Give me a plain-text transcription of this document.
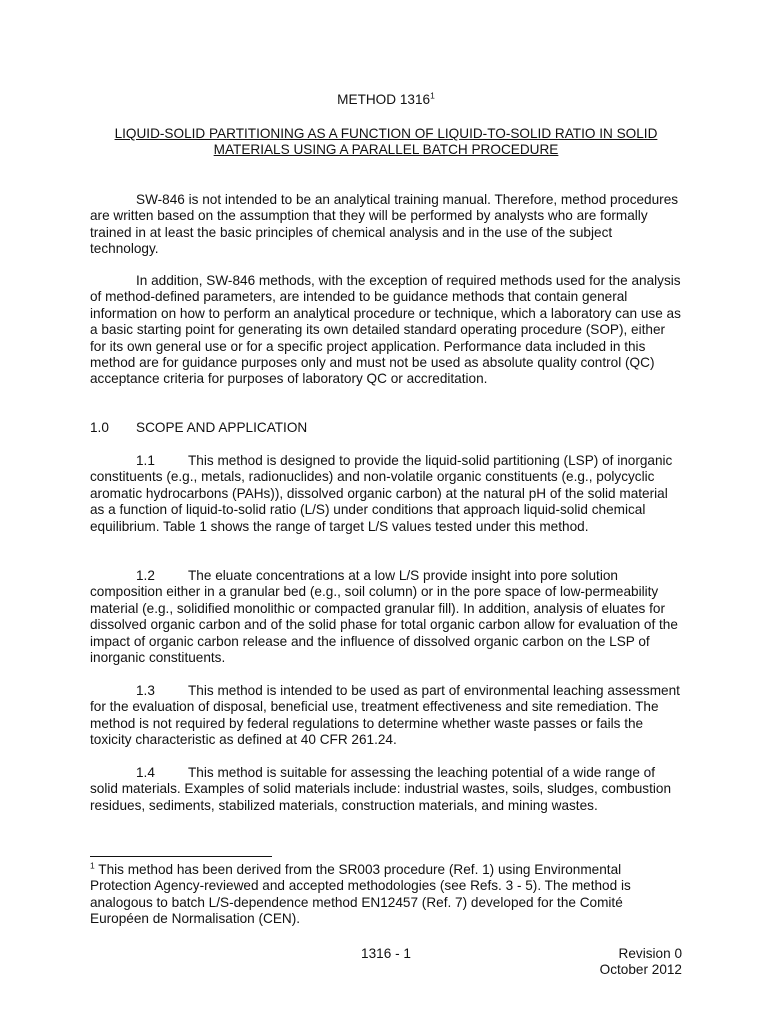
METHOD 1316$^1$
LIQUID-SOLID PARTITIONING AS A FUNCTION OF LIQUID-TO-SOLID RATIO IN SOLID
MATERIALS USING A PARALLEL BATCH PROCEDURE

SW-846 is not intended to be an analytical training manual. Therefore, method procedures are written based on the assumption that they will be performed by analysts who are formally trained in at least the basic principles of chemical analysis and in the use of the subject technology.

In addition, SW-846 methods, with the exception of required methods used for the analysis of method-defined parameters, are intended to be guidance methods that contain general information on how to perform an analytical procedure or technique, which a laboratory can use as a basic starting point for generating its own detailed standard operating procedure (SOP), either for its own general use or for a specific project application. Performance data included in this method are for guidance purposes only and must not be used as absolute quality control (QC) acceptance criteria for purposes of laboratory QC or accreditation.

1.0 SCOPE AND APPLICATION

1.1 This method is designed to provide the liquid-solid partitioning (LSP) of inorganic constituents (e.g., metals, radionuclides) and non-volatile organic constituents (e.g., polycyclic aromatic hydrocarbons (PAHs)), dissolved organic carbon) at the natural pH of the solid material as a function of liquid-to-solid ratio (L/S) under conditions that approach liquid-solid chemical equilibrium. Table 1 shows the range of target L/S values tested under this method.

1.2 The eluate concentrations at a low L/S provide insight into pore solution composition either in a granular bed (e.g., soil column) or in the pore space of low-permeability material (e.g., solidified monolithic or compacted granular fill). In addition, analysis of eluates for dissolved organic carbon and of the solid phase for total organic carbon allow for evaluation of the impact of organic carbon release and the influence of dissolved organic carbon on the LSP of inorganic constituents.

1.3 This method is intended to be used as part of environmental leaching assessment for the evaluation of disposal, beneficial use, treatment effectiveness and site remediation. The method is not required by federal regulations to determine whether waste passes or fails the toxicity characteristic as defined at 40 CFR 261.24.

1.4 This method is suitable for assessing the leaching potential of a wide range of solid materials. Examples of solid materials include: industrial wastes, soils, sludges, combustion residues, sediments, stabilized materials, construction materials, and mining wastes.

$^1$ This method has been derived from the SR003 procedure (Ref. 1) using Environmental Protection Agency-reviewed and accepted methodologies (see Refs. 3 - 5). The method is analogous to batch L/S-dependence method EN12457 (Ref. 7) developed for the Comité Européen de Normalisation (CEN).

1316 - 1	Revision 0
October 2012
